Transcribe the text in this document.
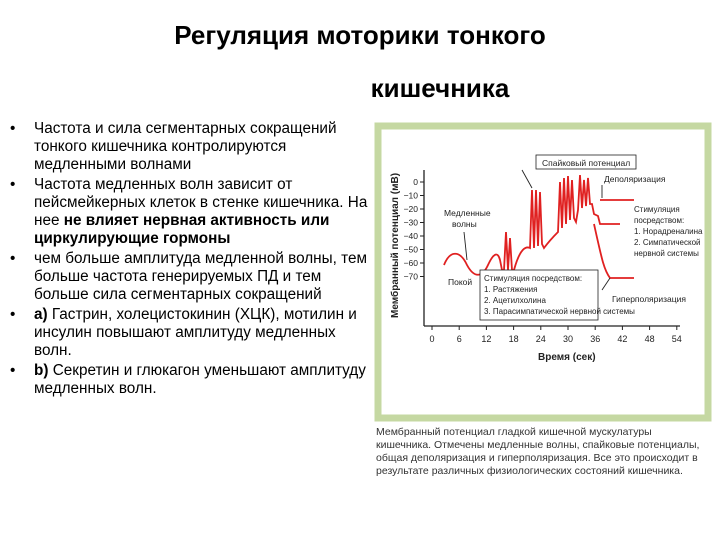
Регуляция моторики тонкого
кишечника
• Частота и сила сегментарных сокращений тонкого кишечника контролируются медленными волнами
• Частота медленных волн зависит от пейсмейкерных клеток в стенке кишечника. На нее не влияет нервная активность или циркулирующие гормоны
• чем больше амплитуда медленной волны, тем больше частота генерируемых ПД и тем больше сила сегментарных сокращений
• а) Гастрин, холецистокинин (ХЦК), мотилин и инсулин повышают амплитуду медленных волн.
• b) Секретин и глюкагон уменьшают амплитуду медленных волн.
Мембранный потенциал (мВ)
Время (сек)
0
−10
−20
−30
−40
−50
−60
−70
0 6 12 18 24 30 36 42 48 54
Спайковый потенциал
Деполяризация
Медленные
волны
Покой
Стимуляция
посредством:
1. Норадреналина
2. Симпатической
нервной системы
Стимуляция посредством:
1. Растяжения
2. Ацетилхолина
3. Парасимпатической нервной системы
Гиперполяризация
Мембранный потенциал гладкой кишечной мускулатуры кишечника. Отмечены медленные волны, спайковые потенциалы, общая деполяризация и гиперполяризация. Все это происходит в результате различных физиологических состояний кишечника.
